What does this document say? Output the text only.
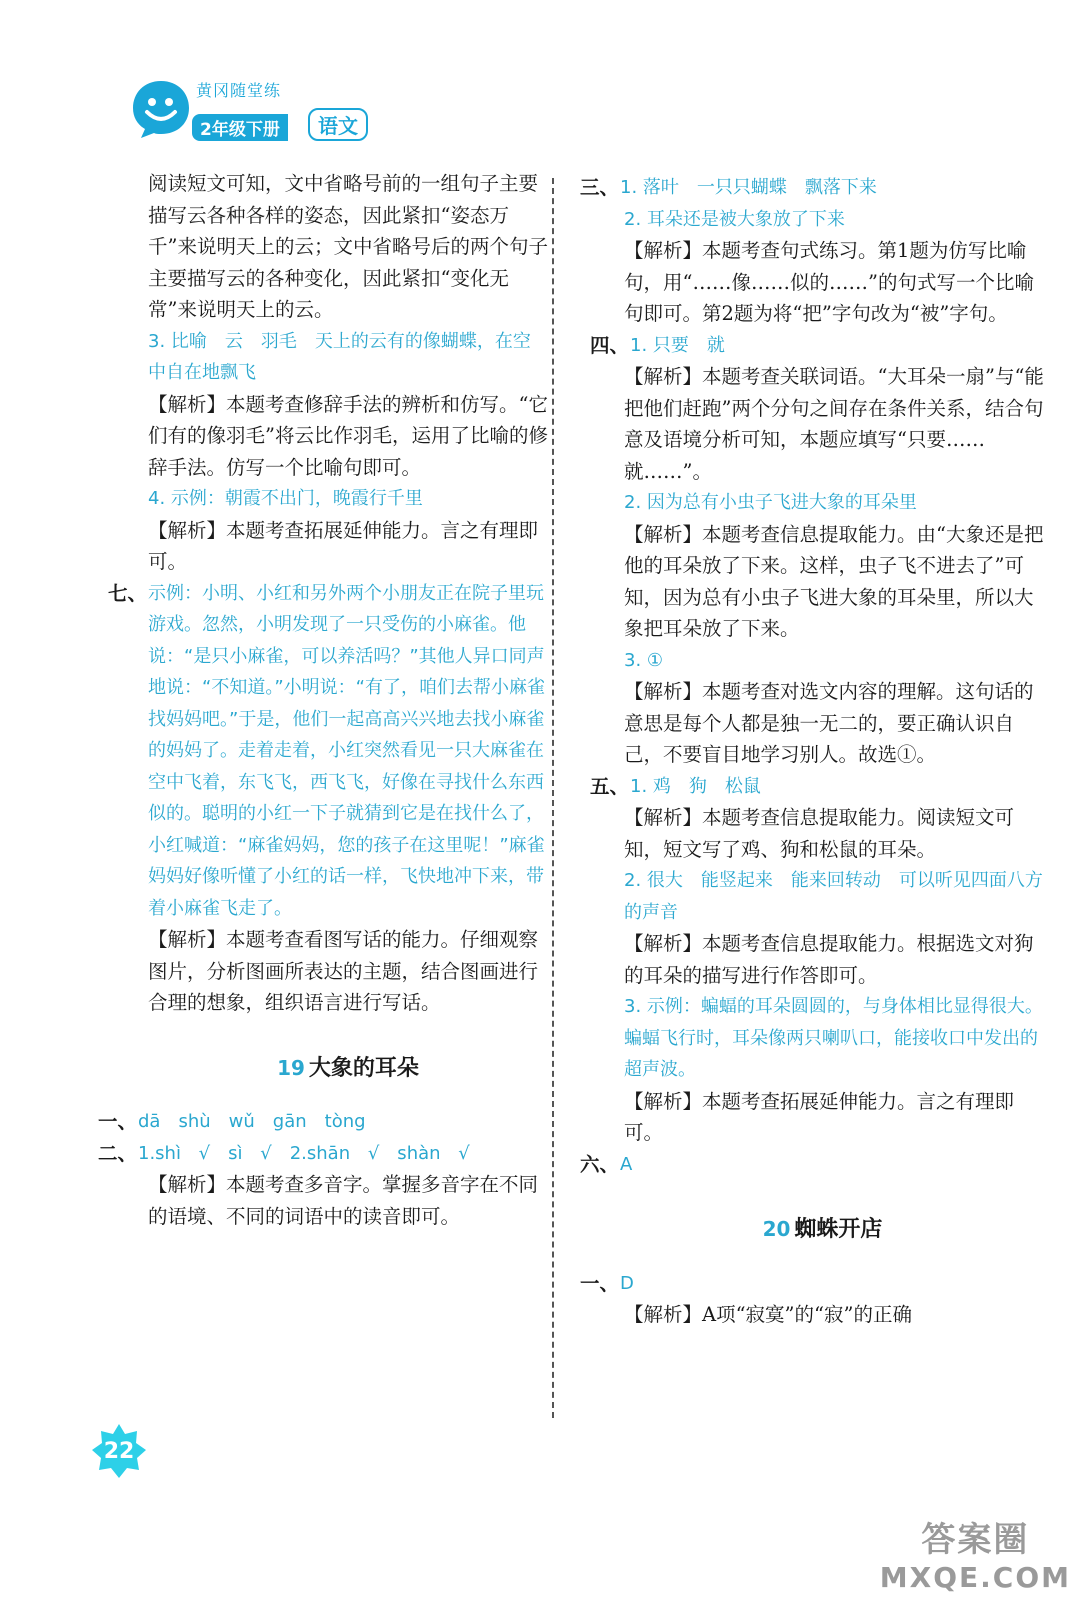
黄冈随堂练
2年级下册	语文

阅读短文可知，文中省略号前的一组句子主要描写云各种各样的姿态，因此紧扣“姿态万千”来说明天上的云；文中省略号后的两个句子主要描写云的各种变化，因此紧扣“变化无常”来说明天上的云。

3. 比喻　云　羽毛　天上的云有的像蝴蝶，在空中自在地飘飞

【解析】本题考查修辞手法的辨析和仿写。“它们有的像羽毛”将云比作羽毛，运用了比喻的修辞手法。仿写一个比喻句即可。

4. 示例：朝霞不出门，晚霞行千里

【解析】本题考查拓展延伸能力。言之有理即可。

七、 示例：小明、小红和另外两个小朋友正在院子里玩游戏。忽然，小明发现了一只受伤的小麻雀。他说：“是只小麻雀，可以养活吗？”其他人异口同声地说：“不知道。”小明说：“有了，咱们去帮小麻雀找妈妈吧。”于是，他们一起高高兴兴地去找小麻雀的妈妈了。走着走着，小红突然看见一只大麻雀在空中飞着，东飞飞，西飞飞，好像在寻找什么东西似的。聪明的小红一下子就猜到它是在找什么了，小红喊道：“麻雀妈妈，您的孩子在这里呢！”麻雀妈妈好像听懂了小红的话一样，飞快地冲下来，带着小麻雀飞走了。

【解析】本题考查看图写话的能力。仔细观察图片，分析图画所表达的主题，结合图画进行合理的想象，组织语言进行写话。

19 大象的耳朵
一、 dā　shù　wǔ　gān　tòng
二、 1.shì √　sì √　2.shān √　shàn √

【解析】本题考查多音字。掌握多音字在不同的语境、不同的词语中的读音即可。

三、 1. 落叶　一只只蝴蝶　飘落下来

2. 耳朵还是被大象放了下来

【解析】本题考查句式练习。第1题为仿写比喻句，用“……像……似的……”的句式写一个比喻句即可。第2题为将“把”字句改为“被”字句。

四、 1. 只要　就

【解析】本题考查关联词语。“大耳朵一扇”与“能把他们赶跑”两个分句之间存在条件关系，结合句意及语境分析可知，本题应填写“只要……就……”。

2. 因为总有小虫子飞进大象的耳朵里

【解析】本题考查信息提取能力。由“大象还是把他的耳朵放了下来。这样，虫子飞不进去了”可知，因为总有小虫子飞进大象的耳朵里，所以大象把耳朵放了下来。

3. ①

【解析】本题考查对选文内容的理解。这句话的意思是每个人都是独一无二的，要正确认识自己，不要盲目地学习别人。故选①。

五、 1. 鸡　狗　松鼠

【解析】本题考查信息提取能力。阅读短文可知，短文写了鸡、狗和松鼠的耳朵。

2. 很大　能竖起来　能来回转动　可以听见四面八方的声音

【解析】本题考查信息提取能力。根据选文对狗的耳朵的描写进行作答即可。

3. 示例：蝙蝠的耳朵圆圆的，与身体相比显得很大。蝙蝠飞行时，耳朵像两只喇叭口，能接收口中发出的超声波。

【解析】本题考查拓展延伸能力。言之有理即可。

六、 A
20 蜘蛛开店
一、 D

【解析】A项“寂寞”的“寂”的正确

22
答案圈
MXQE.COM
